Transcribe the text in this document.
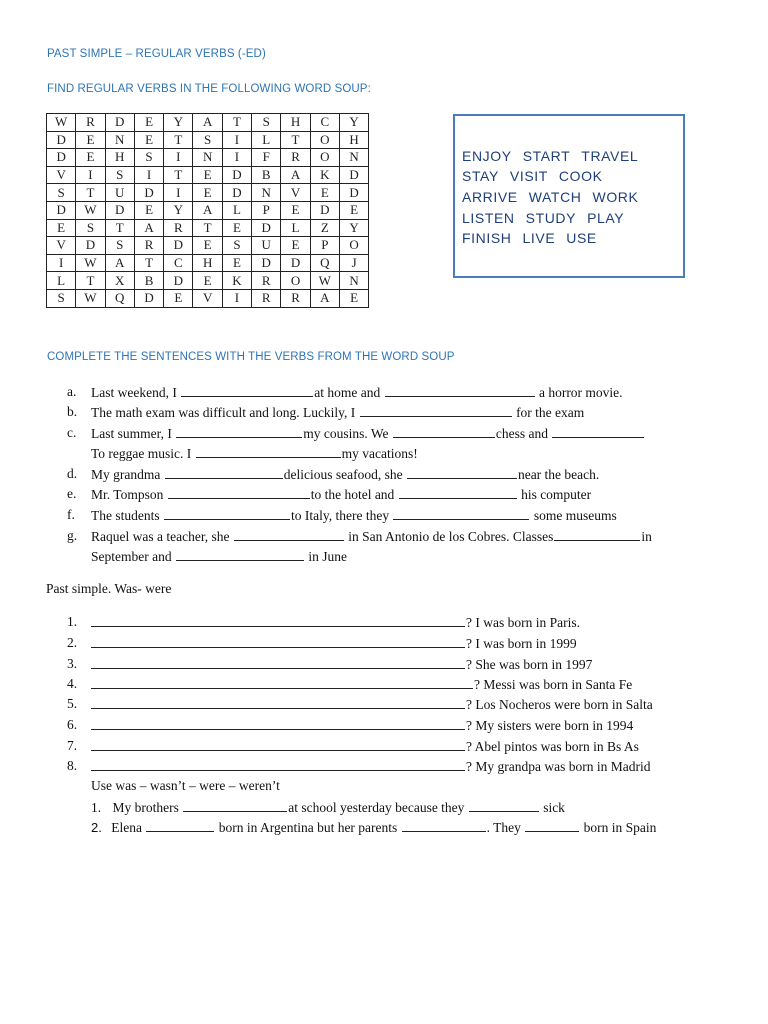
PAST SIMPLE – REGULAR VERBS (-ED)
FIND REGULAR VERBS IN THE FOLLOWING WORD SOUP:
W	R	D	E	Y	A	T	S	H	C	Y
D	E	N	E	T	S	I	L	T	O	H
D	E	H	S	I	N	I	F	R	O	N
V	I	S	I	T	E	D	B	A	K	D
S	T	U	D	I	E	D	N	V	E	D
D	W	D	E	Y	A	L	P	E	D	E
E	S	T	A	R	T	E	D	L	Z	Y
V	D	S	R	D	E	S	U	E	P	O
I	W	A	T	C	H	E	D	D	Q	J
L	T	X	B	D	E	K	R	O	W	N
S	W	Q	D	E	V	I	R	R	A	E
ENJOY START TRAVEL
STAY VISIT COOK
ARRIVE WATCH WORK
LISTEN STUDY PLAY
FINISH LIVE USE
COMPLETE THE SENTENCES WITH THE VERBS FROM THE WORD SOUP
a.	Last weekend, I	at home and	a horror movie.
b.	The math exam was difficult and long. Luckily, I	for the exam
c.	Last summer, I	my cousins. We	chess and
To reggae music. I	my vacations!
d.	My grandma	delicious seafood, she	near the beach.
e.	Mr. Tompson	to the hotel and	his computer
f.	The students	to Italy, there they	some museums
g.	Raquel was a teacher, she	in San Antonio de los Cobres. Classes	in
September and	in June
Past simple. Was- were
1.	? I was born in Paris.
2.	? I was born in 1999
3.	? She was born in 1997
4.	? Messi was born in Santa Fe
5.	? Los Nocheros were born in Salta
6.	? My sisters were born in 1994
7.	? Abel pintos was born in Bs As
8.	? My grandpa was born in Madrid
Use was – wasn’t – were – weren’t
1. My brothers	at school yesterday because they	sick
2. Elena	born in Argentina but her parents	. They	born in Spain
